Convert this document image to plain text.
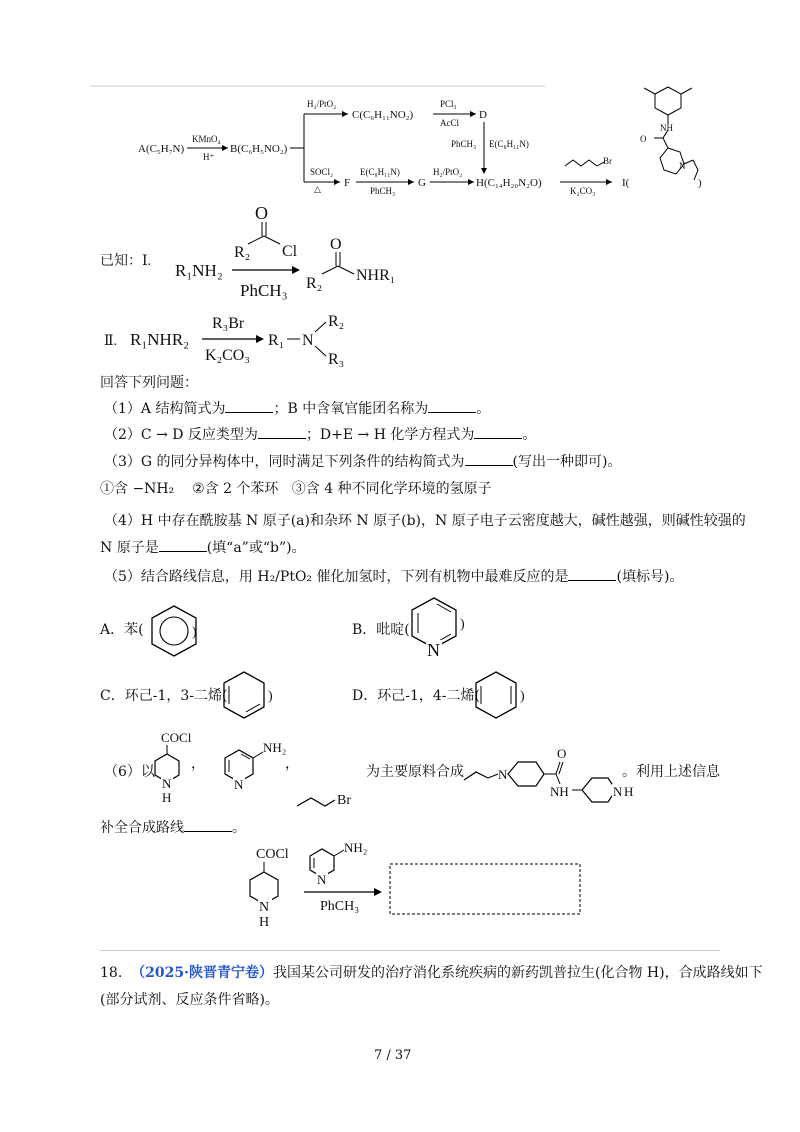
A(C₅H₇N)
KMnO₄
H⁺
B(C₆H₅NO₂)
H₂/PtO₂
C(C₆H₁₁NO₂)
PCl₃
AcCl
D
PhCH₃ E(C₈H₁₁N)
SOCl₂
△ F
E(C₈H₁₁N)
PhCH₃
G
H₂/PtO₂
H(C₁₄H₂₀N₂O)
Br
K₂CO₃
I(
NH
O
N
)
已知：Ⅰ.
O
R₂ Cl
R₁NH₂
PhCH₃
O
R₂ NHR₁
Ⅱ. R₁NHR₂
R₃Br
K₂CO₃
R₁ N
R₂
R₃
回答下列问题：
（1）A 结构简式为	；B 中含氧官能团名称为	。
（2）C → D 反应类型为	；D+E → H 化学方程式为	。
（3）G 的同分异构体中，同时满足下列条件的结构简式为	(写出一种即可)。
①含 −NH₂ ②含 2 个苯环 ③含 4 种不同化学环境的氢原子
（4）H 中存在酰胺基 N 原子(a)和杂环 N 原子(b)，N 原子电子云密度越大，碱性越强，则碱性较强的
N 原子是	(填“a”或“b”)。
（5）结合路线信息，用 H₂/PtO₂ 催化加氢时，下列有机物中最难反应的是	(填标号)。
A．苯(	)	B．吡啶(
N
)
C．环己-1，3-二烯(	)	D．环己-1，4-二烯(	)
（6）以
COCl
N
H
，
NH₂
N
，
Br
为主要原料合成	N
O
NH	N H
。利用上述信息
补全合成路线	。
COCl
N
H
NH₂
N
PhCH₃
18. （2025·陕晋青宁卷）我国某公司研发的治疗消化系统疾病的新药凯普拉生(化合物 H)，合成路线如下
(部分试剂、反应条件省略)。
7 / 37
